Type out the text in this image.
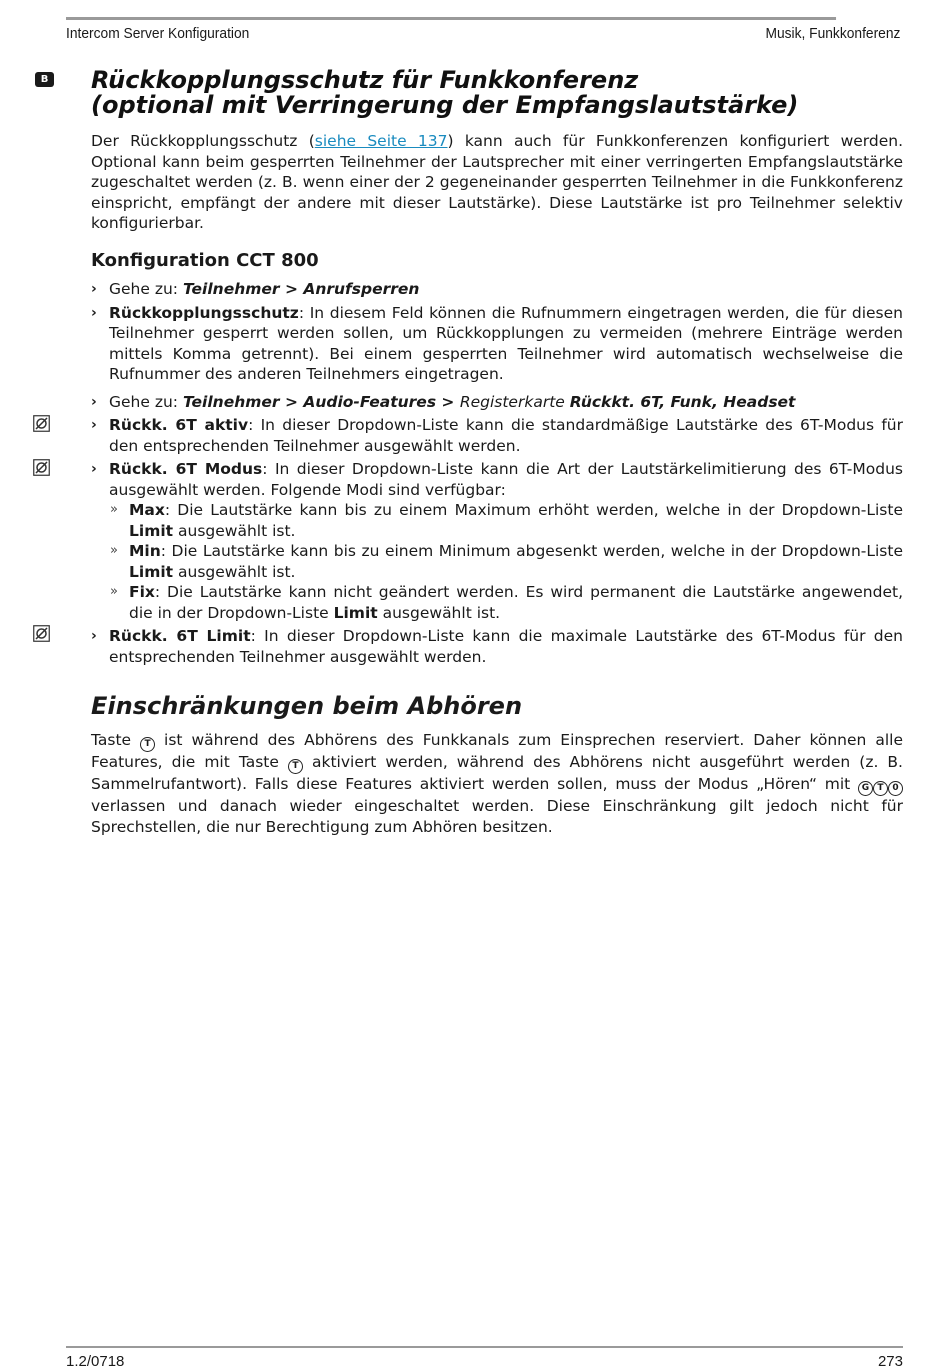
Intercom Server Konfiguration	Musik, Funkkonferenz
B Rückkopplungsschutz für Funkkonferenz
(optional mit Verringerung der Empfangslautstärke)

Der Rückkopplungsschutz (siehe Seite 137) kann auch für Funkkonferenzen konfiguriert werden. Optional kann beim gesperrten Teilnehmer der Lautsprecher mit einer verringerten Empfangslautstärke zugeschaltet werden (z. B. wenn einer der 2 gegeneinander gesperrten Teilnehmer in die Funkkonferenz einspricht, empfängt der andere mit dieser Lautstärke). Diese Lautstärke ist pro Teilnehmer selektiv konfigurierbar.

Konfiguration CCT 800

› Gehe zu: Teilnehmer > Anrufsperren

› Rückkopplungsschutz: In diesem Feld können die Rufnummern eingetragen werden, die für diesen Teilnehmer gesperrt werden sollen, um Rückkopplungen zu vermeiden (mehrere Einträge werden mittels Komma getrennt). Bei einem gesperrten Teilnehmer wird automatisch wechselweise die Rufnummer des anderen Teilnehmers eingetragen.

› Gehe zu: Teilnehmer > Audio-Features > Registerkarte Rückkt. 6T, Funk, Headset

› Rückk. 6T aktiv: In dieser Dropdown-Liste kann die standardmäßige Lautstärke des 6T-Modus für den entsprechenden Teilnehmer ausgewählt werden.

› Rückk. 6T Modus: In dieser Dropdown-Liste kann die Art der Lautstärkelimitierung des 6T-Modus ausgewählt werden. Folgende Modi sind verfügbar:

» Max: Die Lautstärke kann bis zu einem Maximum erhöht werden, welche in der Dropdown-Liste Limit ausgewählt ist.

» Min: Die Lautstärke kann bis zu einem Minimum abgesenkt werden, welche in der Dropdown-Liste Limit ausgewählt ist.

» Fix: Die Lautstärke kann nicht geändert werden. Es wird permanent die Lautstärke angewendet, die in der Dropdown-Liste Limit ausgewählt ist.

› Rückk. 6T Limit: In dieser Dropdown-Liste kann die maximale Lautstärke des 6T-Modus für den entsprechenden Teilnehmer ausgewählt werden.

Einschränkungen beim Abhören

Taste T ist während des Abhörens des Funkkanals zum Einsprechen reserviert. Daher können alle Features, die mit Taste T aktiviert werden, während des Abhörens nicht ausgeführt werden (z. B. Sammelrufantwort). Falls diese Features aktiviert werden sollen, muss der Modus „Hören“ mit G T 0 verlassen und danach wieder eingeschaltet werden. Diese Einschränkung gilt jedoch nicht für Sprechstellen, die nur Berechtigung zum Abhören besitzen.

1.2/0718	273
